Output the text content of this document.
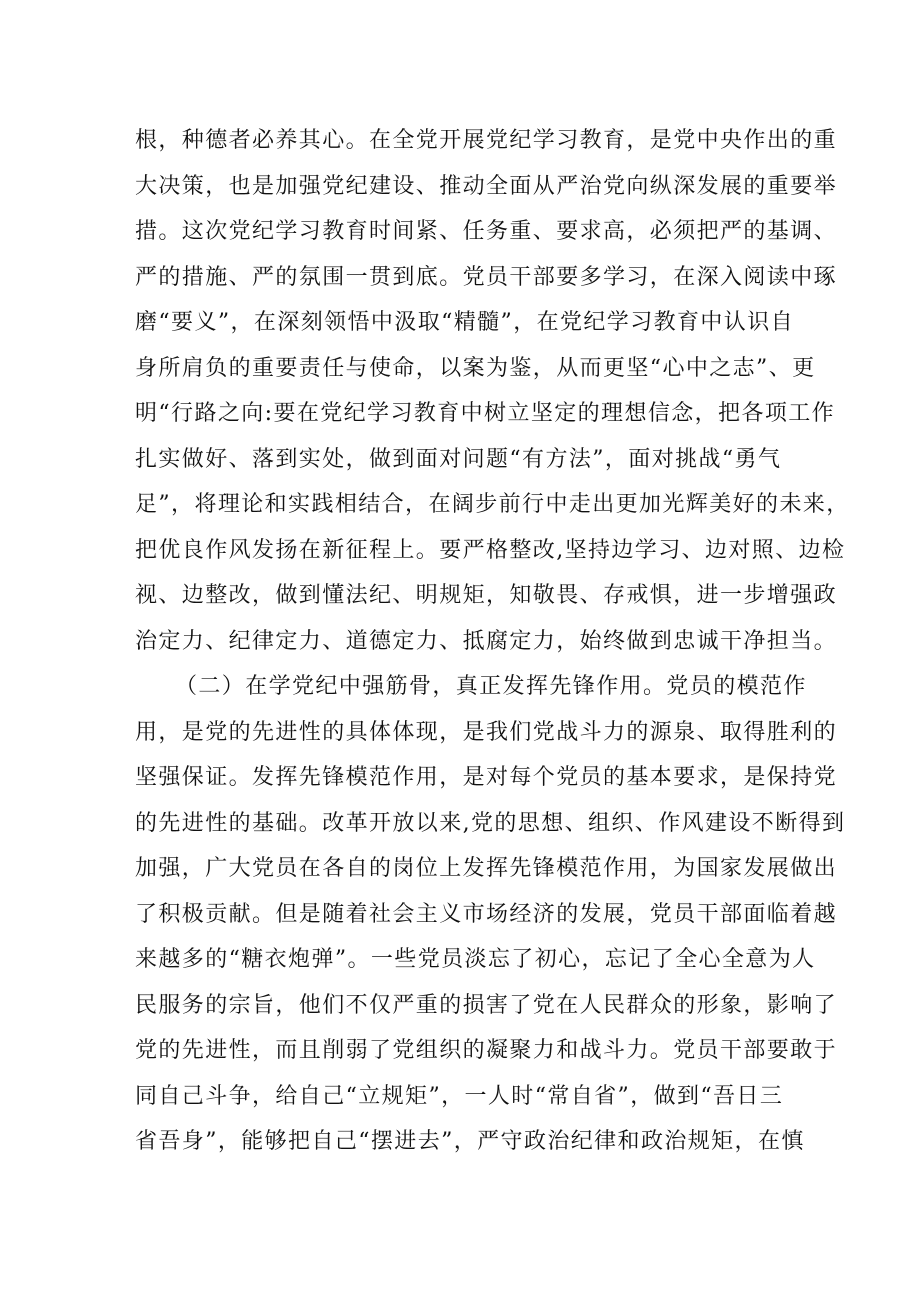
根，种德者必养其心。在全党开展党纪学习教育，是党中央作出的重
大决策，也是加强党纪建设、推动全面从严治党向纵深发展的重要举
措。这次党纪学习教育时间紧、任务重、要求高，必须把严的基调、
严的措施、严的氛围一贯到底。党员干部要多学习，在深入阅读中琢
磨“要义”，在深刻领悟中汲取“精髓”，在党纪学习教育中认识自
身所肩负的重要责任与使命，以案为鉴，从而更坚“心中之志”、更
明“行路之向:要在党纪学习教育中树立坚定的理想信念，把各项工作
扎实做好、落到实处，做到面对问题“有方法”，面对挑战“勇气
足”，将理论和实践相结合，在阔步前行中走出更加光辉美好的未来，
把优良作风发扬在新征程上。要严格整改,坚持边学习、边对照、边检
视、边整改，做到懂法纪、明规矩，知敬畏、存戒惧，进一步增强政
治定力、纪律定力、道德定力、抵腐定力，始终做到忠诚干净担当。
（二）在学党纪中强筋骨，真正发挥先锋作用。党员的模范作
用，是党的先进性的具体体现，是我们党战斗力的源泉、取得胜利的
坚强保证。发挥先锋模范作用，是对每个党员的基本要求，是保持党
的先进性的基础。改革开放以来,党的思想、组织、作风建设不断得到
加强，广大党员在各自的岗位上发挥先锋模范作用，为国家发展做出
了积极贡献。但是随着社会主义市场经济的发展，党员干部面临着越
来越多的“糖衣炮弹”。一些党员淡忘了初心，忘记了全心全意为人
民服务的宗旨，他们不仅严重的损害了党在人民群众的形象，影响了
党的先进性，而且削弱了党组织的凝聚力和战斗力。党员干部要敢于
同自己斗争，给自己“立规矩”，一人时“常自省”，做到“吾日三
省吾身”，能够把自己“摆进去”，严守政治纪律和政治规矩，在慎
